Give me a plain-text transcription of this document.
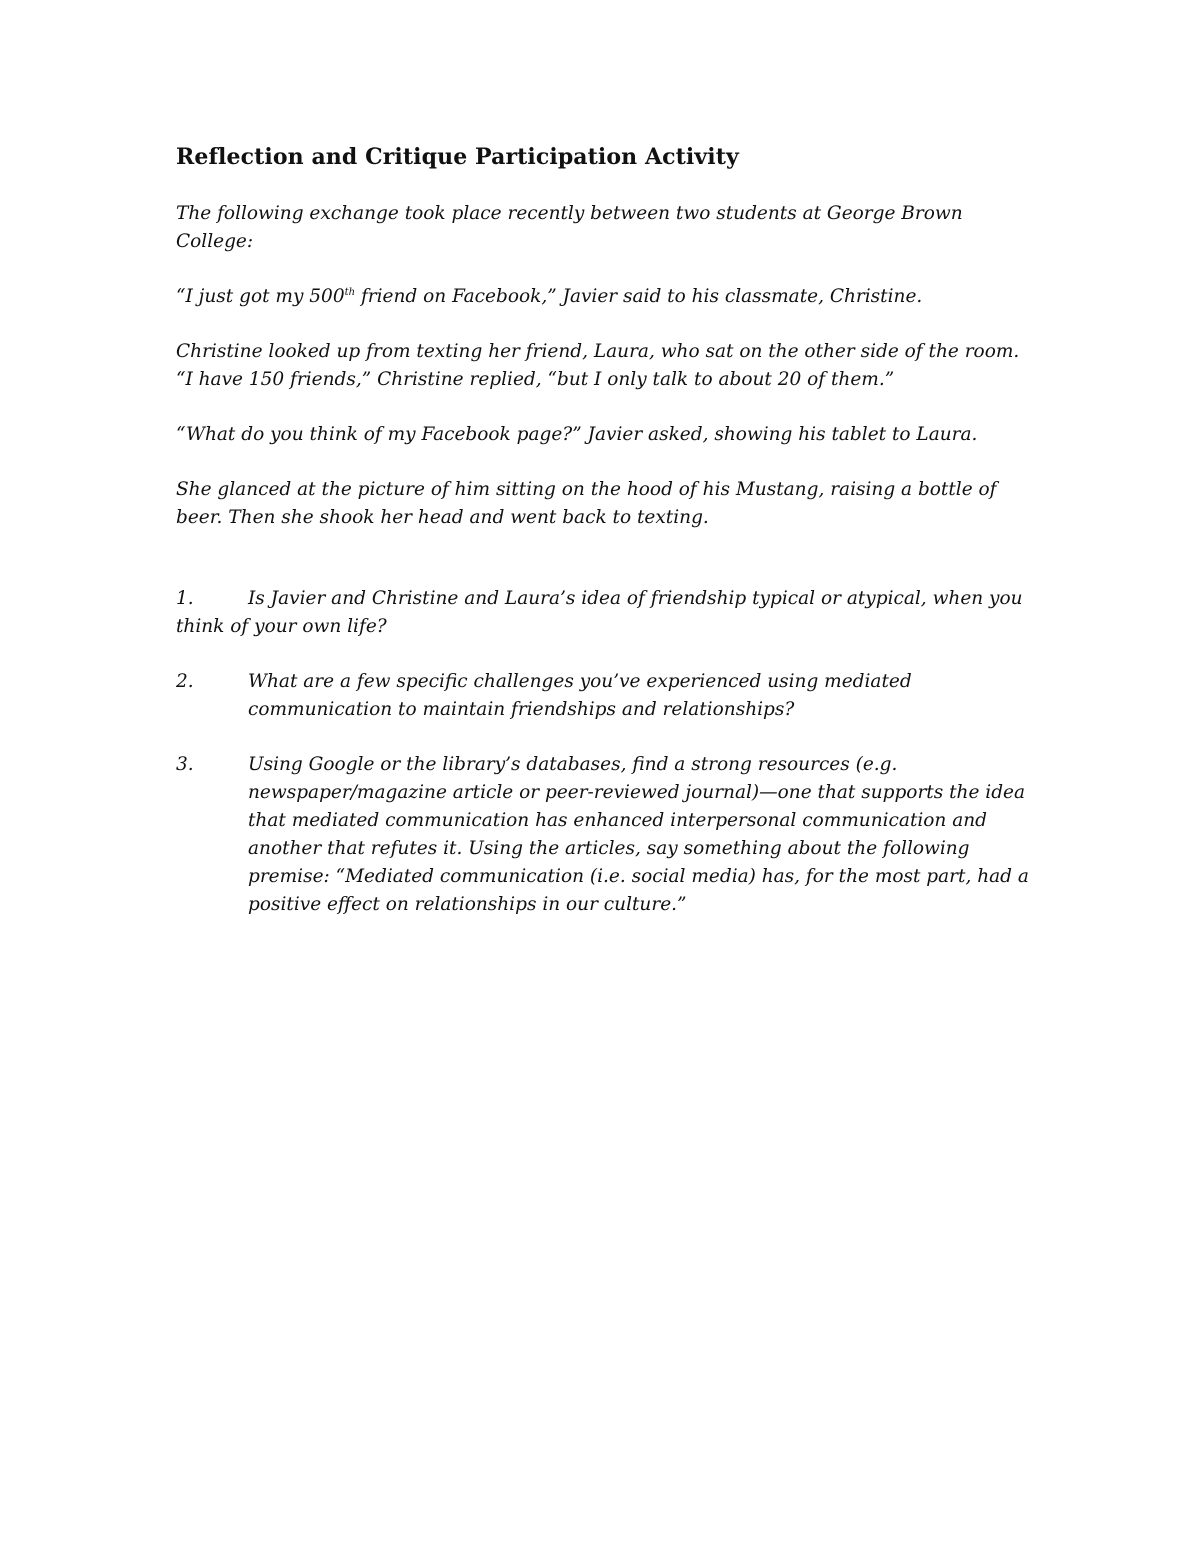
Reflection and Critique Participation Activity

The following exchange took place recently between two students at George Brown College:

“I just got my 500th friend on Facebook,” Javier said to his classmate, Christine.

Christine looked up from texting her friend, Laura, who sat on the other side of the room. “I have 150 friends,” Christine replied, “but I only talk to about 20 of them.”

“What do you think of my Facebook page?” Javier asked, showing his tablet to Laura.

She glanced at the picture of him sitting on the hood of his Mustang, raising a bottle of beer. Then she shook her head and went back to texting.

1.	Is Javier and Christine and Laura’s idea of friendship typical or atypical, when you think of your own life?

2.	What are a few specific challenges you’ve experienced using mediated communication to maintain friendships and relationships?
3.	Using Google or the library’s databases, find a strong resources (e.g. newspaper/magazine article or peer-reviewed journal)—one that supports the idea that mediated communication has enhanced interpersonal communication and another that refutes it. Using the articles, say something about the following premise: “Mediated communication (i.e. social media) has, for the most part, had a positive effect on relationships in our culture.”
